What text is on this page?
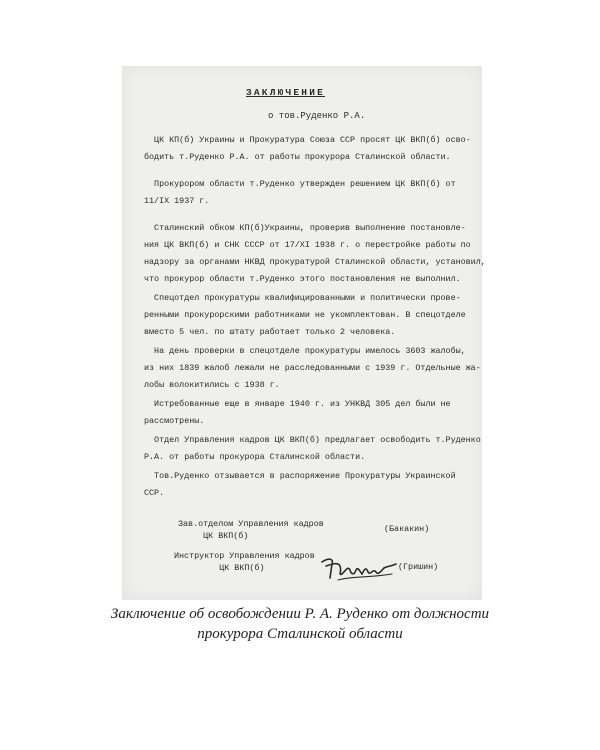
ЗАКЛЮЧЕНИЕ
о тов.Руденко Р.А.
ЦК КП(б) Украины и Прокуратура Союза ССР просят ЦК ВКП(б) осво-
бодить т.Руденко Р.А. от работы прокурора Сталинской области.
Прокурором области т.Руденко утвержден решением ЦК ВКП(б) от
11/IX 1937 г.
Сталинский обком КП(б)Украины, проверив выполнение постановле-
ния ЦК ВКП(б) и СНК СССР от 17/XI 1938 г. о перестройке работы по
надзору за органами НКВД прокуратурой Сталинской области, установил,
что прокурор области т.Руденко этого постановления не выполнил.
Спецотдел прокуратуры квалифицированными и политически прове-
ренными прокурорскими работниками не укомплектован. В спецотделе
вместо 5 чел. по штату работает только 2 человека.
На день проверки в спецотделе прокуратуры имелось 3603 жалобы,
из них 1839 жалоб лежали не расследованными с 1939 г. Отдельные жа-
лобы волокитились с 1938 г.
Истребованные еще в январе 1940 г. из УНКВД 305 дел были не
рассмотрены.
Отдел Управления кадров ЦК ВКП(б) предлагает освободить т.Руденко
Р.А. от работы прокурора Сталинской области.
Тов.Руденко отзывается в распоряжение Прокуратуры Украинской
ССР.
Зав.отделом Управления кадров
ЦК ВКП(б)
(Бакакин)
Инструктор Управления кадров
ЦК ВКП(б)	(Гришин)
Заключение об освобождении Р. А. Руденко от должности
прокурора Сталинской области
